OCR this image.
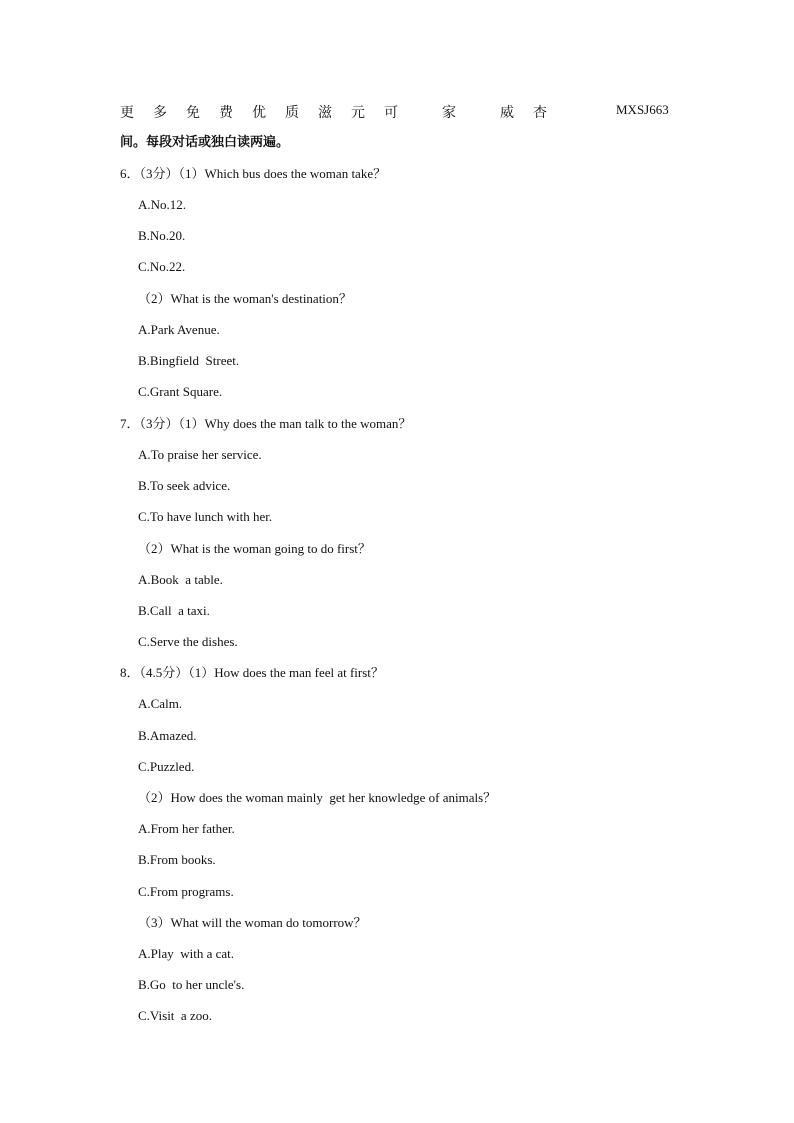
更 多 免 费 优 质 滋 元 可	家	威 杏	MXSJ663
间。每段对话或独白读两遍。
6．（3分）（1）Which bus does the woman take？
A.No.12.
B.No.20.
C.No.22.
（2）What is the woman's destination？
A.Park Avenue.
B.Bingfield  Street.
C.Grant Square.
7．（3分）（1）Why does the man talk to the woman？
A.To praise her service.
B.To seek advice.
C.To have lunch with her.
（2）What is the woman going to do first？
A.Book  a table.
B.Call  a taxi.
C.Serve the dishes.
8．（4.5分）（1）How does the man feel at first？
A.Calm.
B.Amazed.
C.Puzzled.
（2）How does the woman mainly  get her knowledge of animals？
A.From her father.
B.From books.
C.From programs.
（3）What will the woman do tomorrow？
A.Play  with a cat.
B.Go  to her uncle's.
C.Visit  a zoo.
